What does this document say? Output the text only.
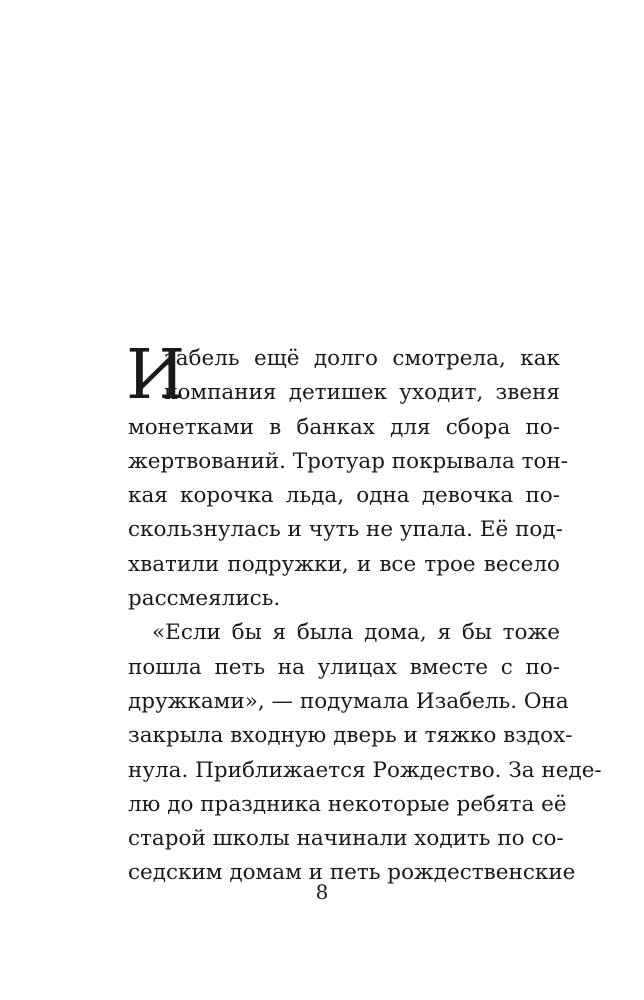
И
забель ещё долго смотрела, как
компания детишек уходит, звеня
монетками в банках для сбора по-
жертвований. Тротуар покрывала тон-
кая корочка льда, одна девочка по-
скользнулась и чуть не упала. Её под-
хватили подружки, и все трое весело
рассмеялись.
«Если бы я была дома, я бы тоже
пошла петь на улицах вместе с по-
дружками», — подумала Изабель. Она
закрыла входную дверь и тяжко вздох-
нула. Приближается Рождество. За неде-
лю до праздника некоторые ребята её
старой школы начинали ходить по со-
седским домам и петь рождественские
8
